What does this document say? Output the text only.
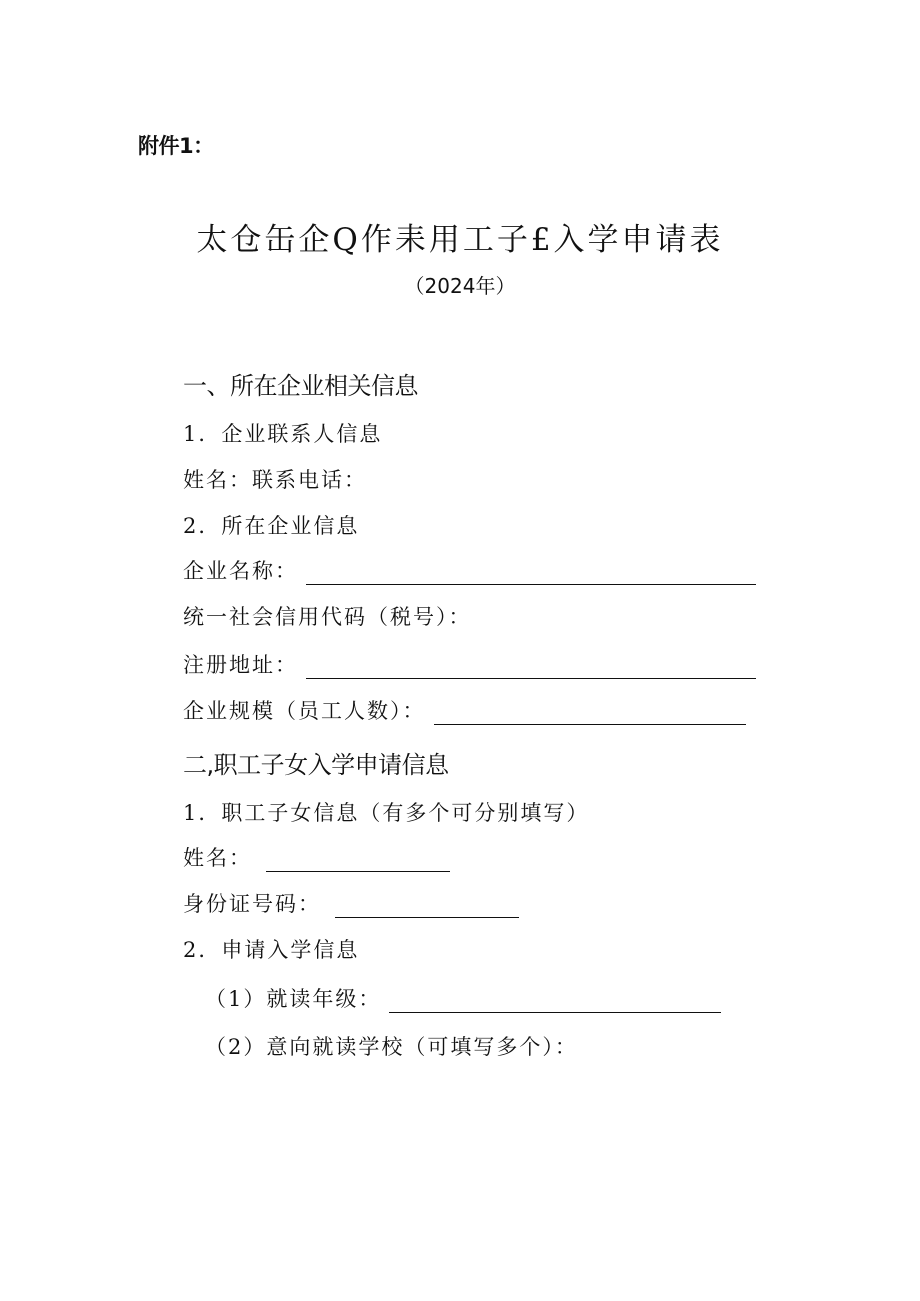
附件1：
太仓缶企Q作耒用工子£入学申请表
（2024年）
一、所在企业相关信息
1．企业联系人信息
姓名：联系电话：
2．所在企业信息
企业名称：
统一社会信用代码（税号）：
注册地址：
企业规模（员工人数）：
二,职工子女入学申请信息
1．职工子女信息（有多个可分别填写）
姓名：
身份证号码：
2．申请入学信息
（1）就读年级：
（2）意向就读学校（可填写多个）：
